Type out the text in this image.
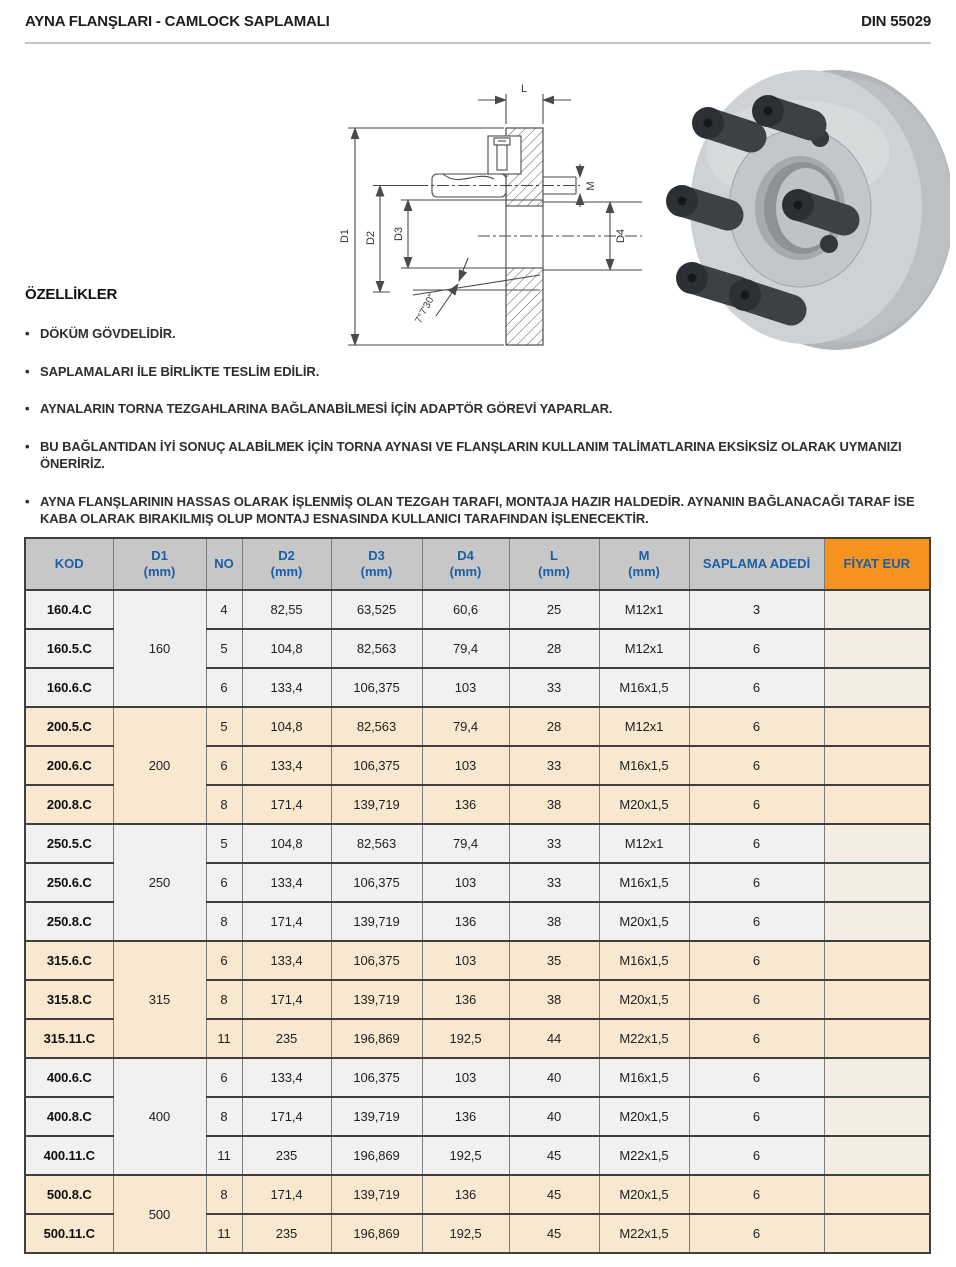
AYNA FLANŞLARI - CAMLOCK SAPLAMALI	DIN 55029
L
D1 D2 D3	D4
M
7°7'30"
ÖZELLİKLER
• DÖKÜM GÖVDELİDİR.
• SAPLAMALARI İLE BİRLİKTE TESLİM EDİLİR.
• AYNALARIN TORNA TEZGAHLARINA BAĞLANABİLMESİ İÇİN ADAPTÖR GÖREVİ YAPARLAR.
• BU BAĞLANTIDAN İYİ SONUÇ ALABİLMEK İÇİN TORNA AYNASI VE FLANŞLARIN KULLANIM TALİMATLARINA EKSİKSİZ OLARAK UYMANIZI ÖNERİRİZ.
• AYNA FLANŞLARININ HASSAS OLARAK İŞLENMİŞ OLAN TEZGAH TARAFI, MONTAJA HAZIR HALDEDİR. AYNANIN BAĞLANACAĞI TARAF İSE KABA OLARAK BIRAKILMIŞ OLUP MONTAJ ESNASINDA KULLANICI TARAFINDAN İŞLENECEKTİR.
KOD

D1
(mm)

NO

D2
(mm)

D3
(mm)

D4
(mm)

L
(mm)

M
(mm)

SAPLAMA ADEDİ	FİYAT EUR

160.4.C	160	4	82,55	63,525	60,6	25	M12x1	3	
160.5.C		5	104,8	82,563	79,4	28	M12x1	6	
160.6.C		6	133,4	106,375	103	33	M16x1,5	6	
200.5.C	200	5	104,8	82,563	79,4	28	M12x1	6	
200.6.C		6	133,4	106,375	103	33	M16x1,5	6	
200.8.C		8	171,4	139,719	136	38	M20x1,5	6	
250.5.C	250	5	104,8	82,563	79,4	33	M12x1	6	
250.6.C		6	133,4	106,375	103	33	M16x1,5	6	
250.8.C		8	171,4	139,719	136	38	M20x1,5	6	
315.6.C	315	6	133,4	106,375	103	35	M16x1,5	6	
315.8.C		8	171,4	139,719	136	38	M20x1,5	6	
315.11.C		11	235	196,869	192,5	44	M22x1,5	6	
400.6.C	400	6	133,4	106,375	103	40	M16x1,5	6	
400.8.C		8	171,4	139,719	136	40	M20x1,5	6	
400.11.C		11	235	196,869	192,5	45	M22x1,5	6	
500.8.C	500	8	171,4	139,719	136	45	M20x1,5	6	
500.11.C		11	235	196,869	192,5	45	M22x1,5	6	
